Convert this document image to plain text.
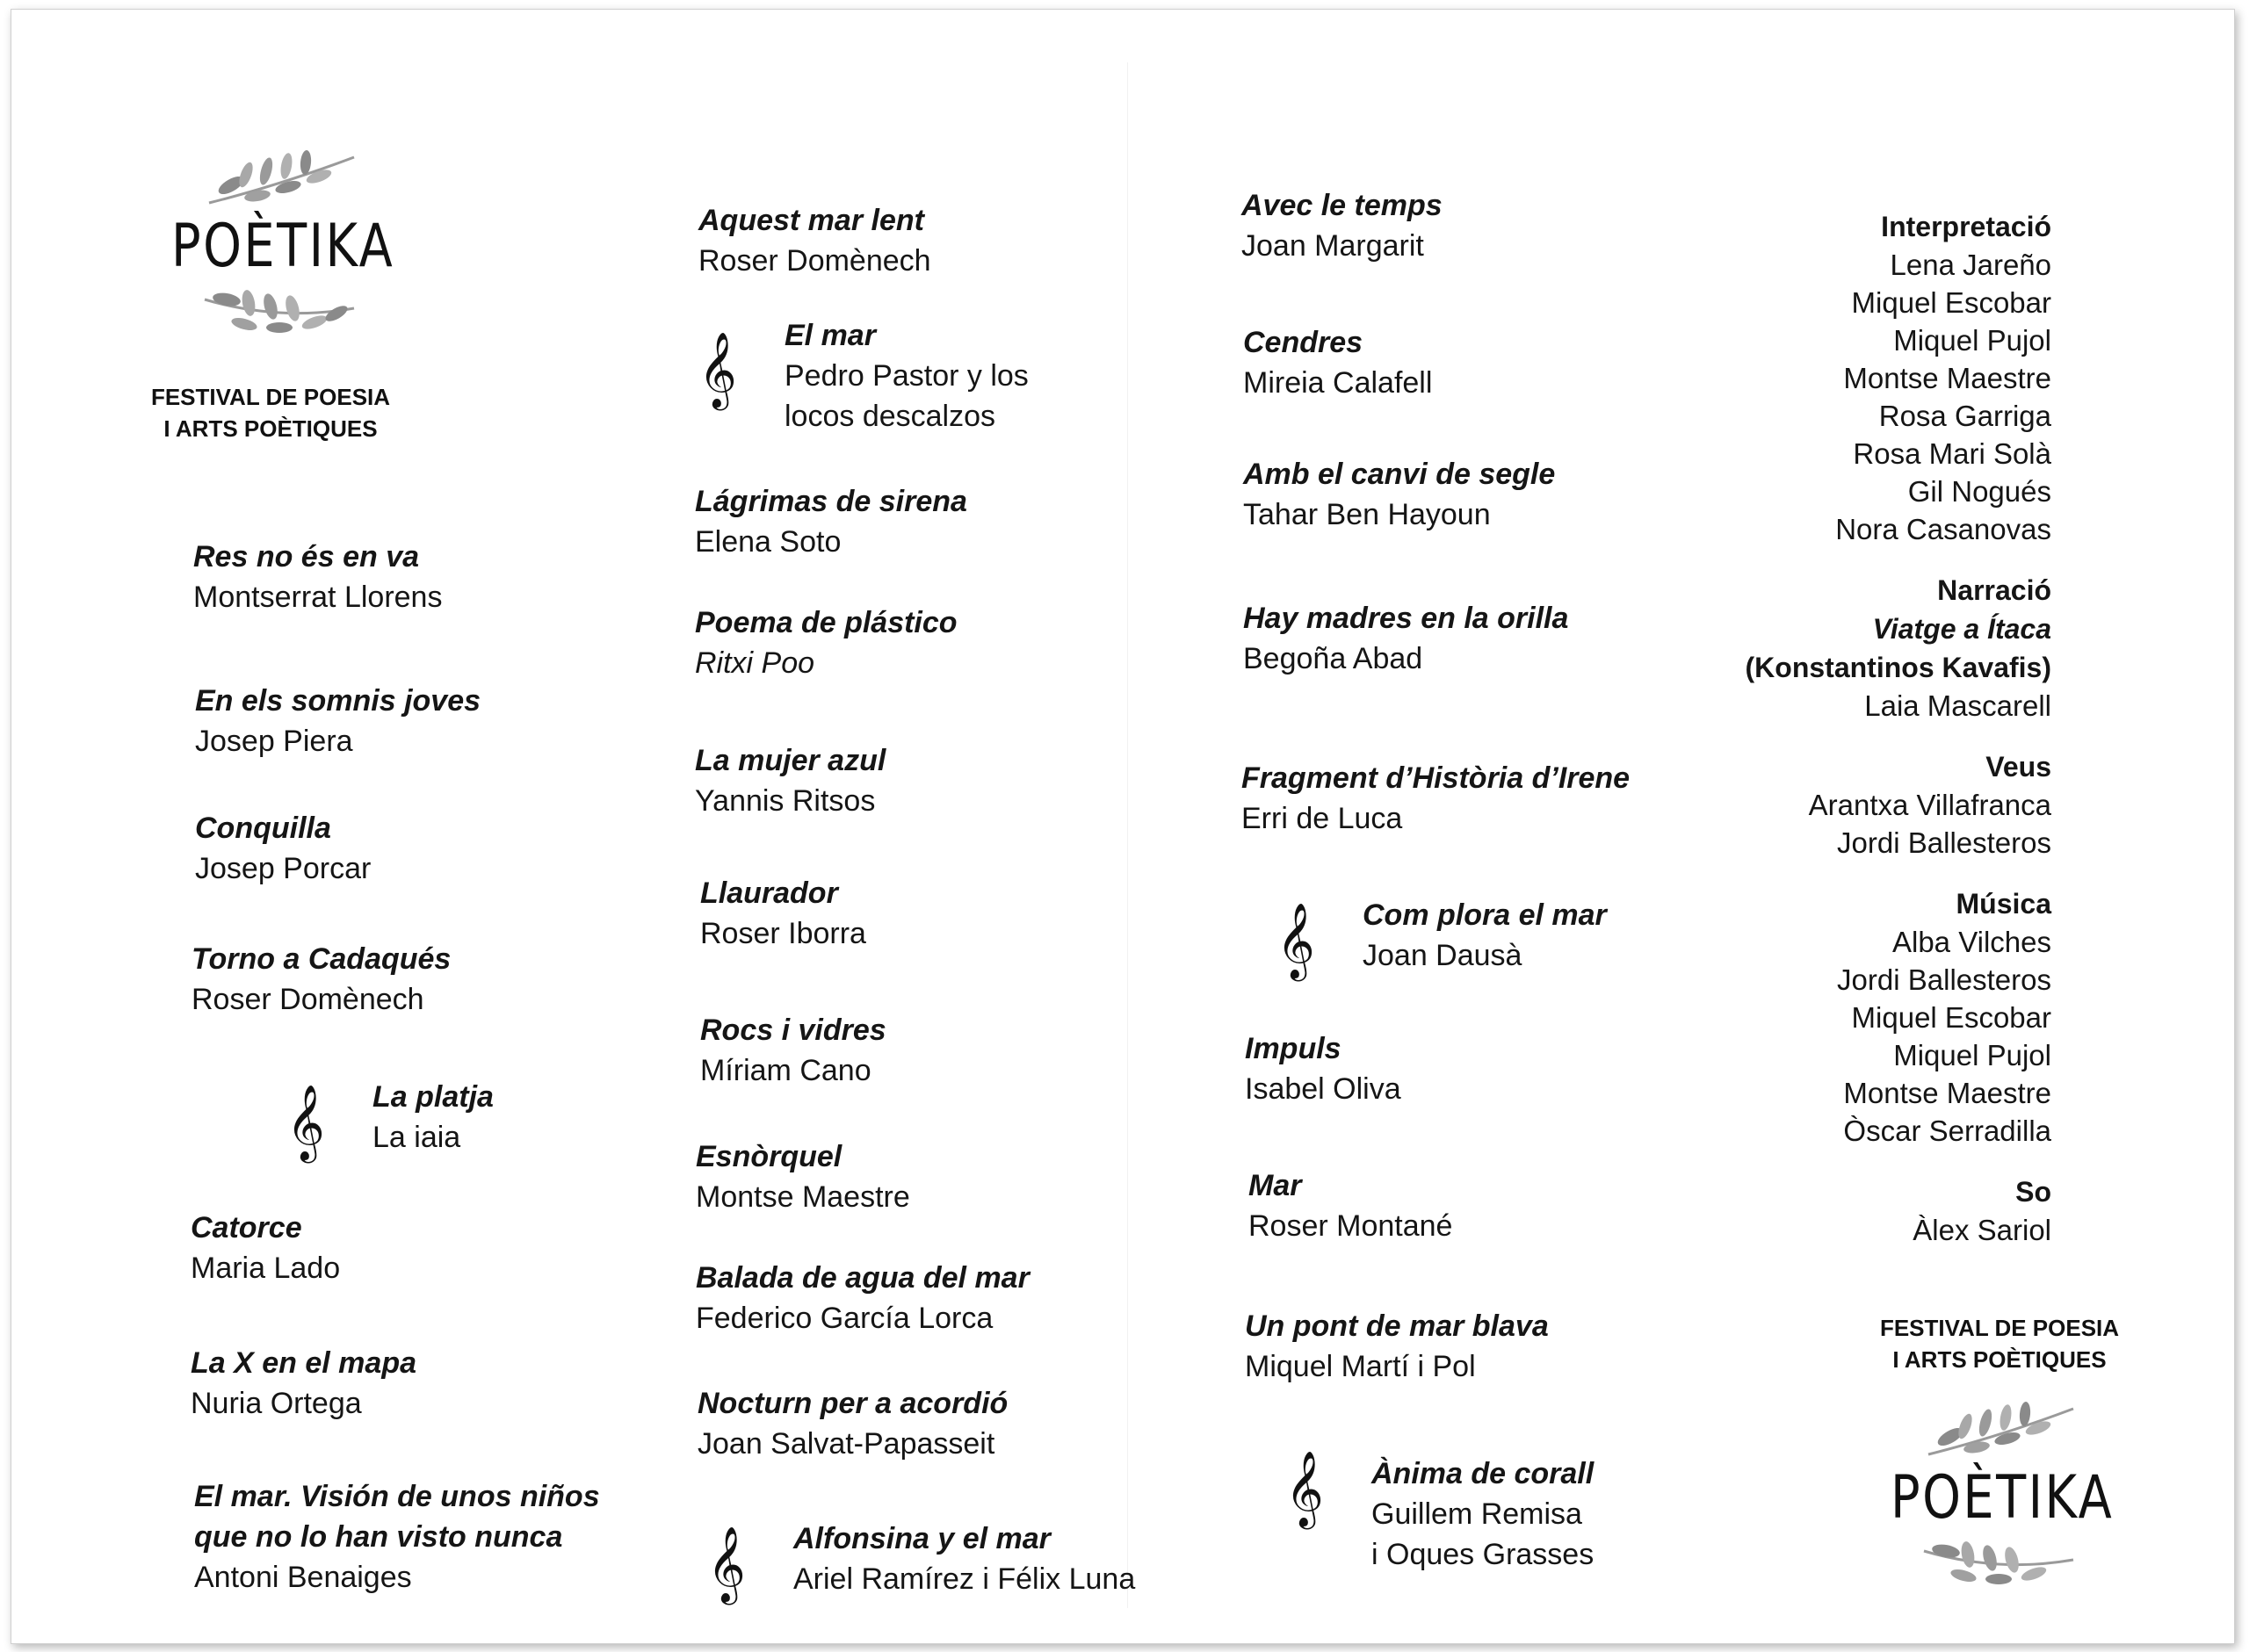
POÈTIKA
FESTIVAL DE POESIA
I ARTS POÈTIQUES
Res no és en va
Montserrat Llorens
En els somnis joves
Josep Piera
Conquilla
Josep Porcar
Torno a Cadaqués
Roser Domènech
𝄞 La platja
La iaia
Catorce
Maria Lado
La X en el mapa
Nuria Ortega
El mar. Visión de unos niños
que no lo han visto nunca
Antoni Benaiges
Aquest mar lent
Roser Domènech
𝄞 El mar
Pedro Pastor y los
locos descalzos
Lágrimas de sirena
Elena Soto
Poema de plástico
Ritxi Poo
La mujer azul
Yannis Ritsos
Llaurador
Roser Iborra
Rocs i vidres
Míriam Cano
Esnòrquel
Montse Maestre
Balada de agua del mar
Federico García Lorca
Nocturn per a acordió
Joan Salvat-Papasseit
𝄞 Alfonsina y el mar
Ariel Ramírez i Félix Luna
Avec le temps
Joan Margarit
Cendres
Mireia Calafell
Amb el canvi de segle
Tahar Ben Hayoun
Hay madres en la orilla
Begoña Abad
Fragment d’Història d’Irene
Erri de Luca
𝄞 Com plora el mar
Joan Dausà
Impuls
Isabel Oliva
Mar
Roser Montané
Un pont de mar blava
Miquel Martí i Pol
𝄞 Ànima de corall
Guillem Remisa
i Oques Grasses
Interpretació
Lena Jareño
Miquel Escobar
Miquel Pujol
Montse Maestre
Rosa Garriga
Rosa Mari Solà
Gil Nogués
Nora Casanovas
Narració
Viatge a Ítaca
(Konstantinos Kavafis)
Laia Mascarell
Veus
Arantxa Villafranca
Jordi Ballesteros
Música
Alba Vilches
Jordi Ballesteros
Miquel Escobar
Miquel Pujol
Montse Maestre
Òscar Serradilla
So
Àlex Sariol
FESTIVAL DE POESIA
I ARTS POÈTIQUES
POÈTIKA
